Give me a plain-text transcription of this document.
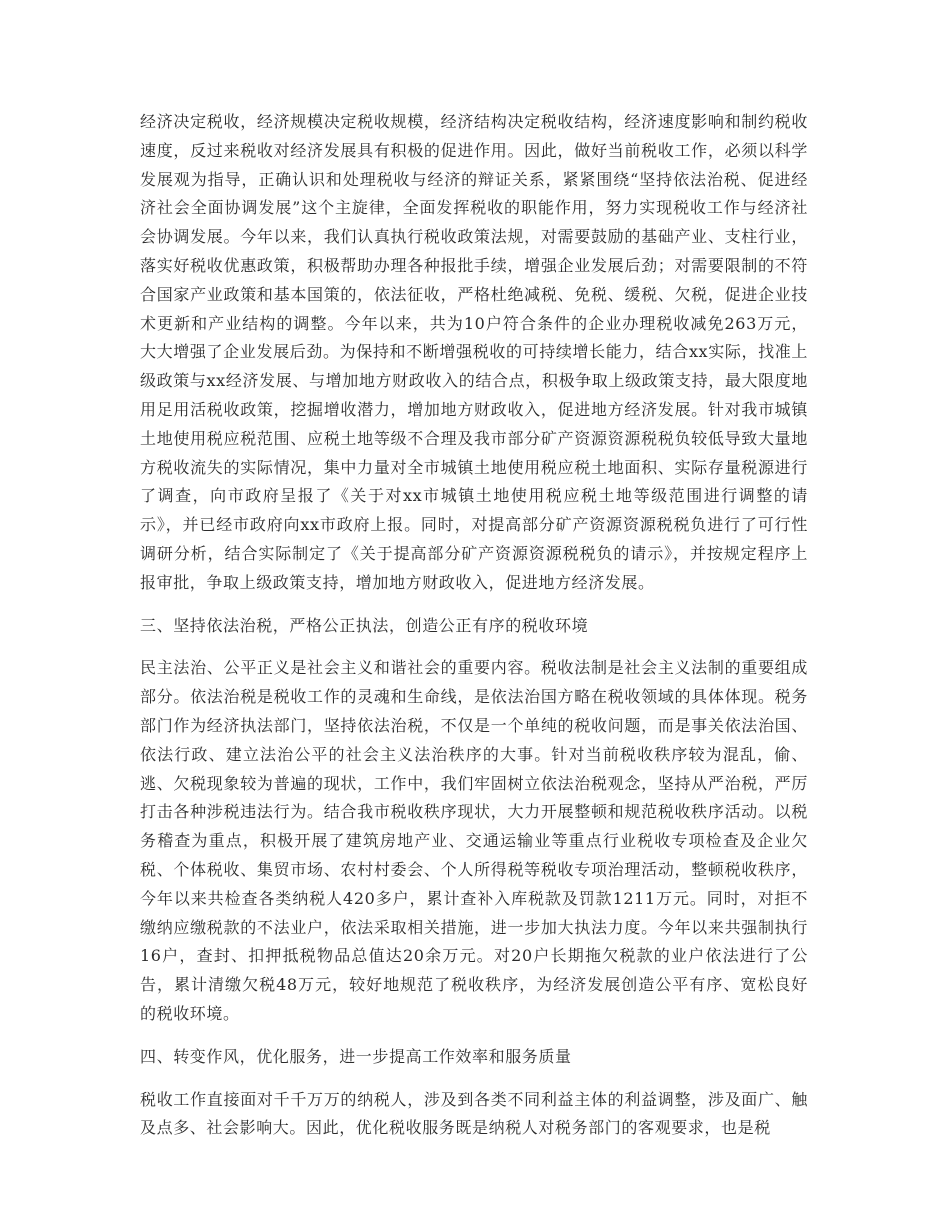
经济决定税收，经济规模决定税收规模，经济结构决定税收结构，经济速度影响和制约税收速度，反过来税收对经济发展具有积极的促进作用。因此，做好当前税收工作，必须以科学发展观为指导，正确认识和处理税收与经济的辩证关系，紧紧围绕“坚持依法治税、促进经济社会全面协调发展”这个主旋律，全面发挥税收的职能作用，努力实现税收工作与经济社会协调发展。今年以来，我们认真执行税收政策法规，对需要鼓励的基础产业、支柱行业，落实好税收优惠政策，积极帮助办理各种报批手续，增强企业发展后劲；对需要限制的不符合国家产业政策和基本国策的，依法征收，严格杜绝减税、免税、缓税、欠税，促进企业技术更新和产业结构的调整。今年以来，共为10户符合条件的企业办理税收减免263万元，大大增强了企业发展后劲。为保持和不断增强税收的可持续增长能力，结合xx实际，找准上级政策与xx经济发展、与增加地方财政收入的结合点，积极争取上级政策支持，最大限度地用足用活税收政策，挖掘增收潜力，增加地方财政收入，促进地方经济发展。针对我市城镇土地使用税应税范围、应税土地等级不合理及我市部分矿产资源资源税税负较低导致大量地方税收流失的实际情况，集中力量对全市城镇土地使用税应税土地面积、实际存量税源进行了调查，向市政府呈报了《关于对xx市城镇土地使用税应税土地等级范围进行调整的请示》，并已经市政府向xx市政府上报。同时，对提高部分矿产资源资源税税负进行了可行性调研分析，结合实际制定了《关于提高部分矿产资源资源税税负的请示》，并按规定程序上报审批，争取上级政策支持，增加地方财政收入，促进地方经济发展。

三、坚持依法治税，严格公正执法，创造公正有序的税收环境

民主法治、公平正义是社会主义和谐社会的重要内容。税收法制是社会主义法制的重要组成部分。依法治税是税收工作的灵魂和生命线，是依法治国方略在税收领域的具体体现。税务部门作为经济执法部门，坚持依法治税，不仅是一个单纯的税收问题，而是事关依法治国、依法行政、建立法治公平的社会主义法治秩序的大事。针对当前税收秩序较为混乱，偷、逃、欠税现象较为普遍的现状，工作中，我们牢固树立依法治税观念，坚持从严治税，严厉打击各种涉税违法行为。结合我市税收秩序现状，大力开展整顿和规范税收秩序活动。以税务稽查为重点，积极开展了建筑房地产业、交通运输业等重点行业税收专项检查及企业欠税、个体税收、集贸市场、农村村委会、个人所得税等税收专项治理活动，整顿税收秩序，今年以来共检查各类纳税人420多户，累计查补入库税款及罚款1211万元。同时，对拒不缴纳应缴税款的不法业户，依法采取相关措施，进一步加大执法力度。今年以来共强制执行16户，查封、扣押抵税物品总值达20余万元。对20户长期拖欠税款的业户依法进行了公告，累计清缴欠税48万元，较好地规范了税收秩序，为经济发展创造公平有序、宽松良好的税收环境。

四、转变作风，优化服务，进一步提高工作效率和服务质量

税收工作直接面对千千万万的纳税人，涉及到各类不同利益主体的利益调整，涉及面广、触及点多、社会影响大。因此，优化税收服务既是纳税人对税务部门的客观要求，也是税
